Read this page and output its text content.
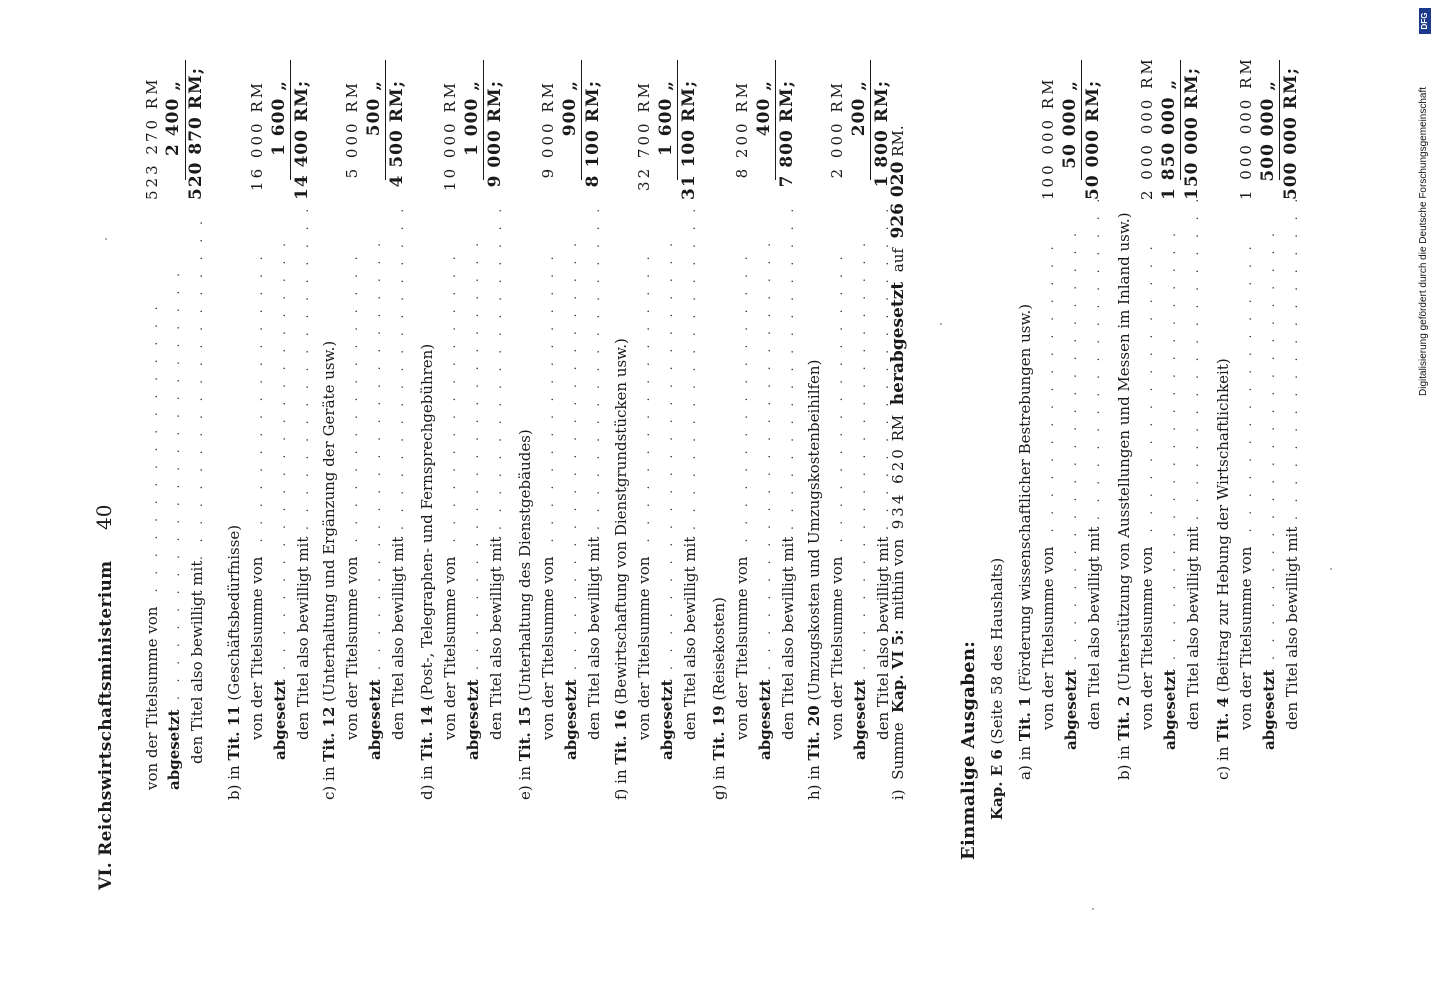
VI. Reichswirtschaftsministerium
40
von der Titelsumme von
. . . . . . . . . . . . . . . . . .
523 270 RM
abgesetzt
. . . . . . . . . . . . . . . . . . . . . . . . .
2 400 „
den Titel also bewilligt mit
. . . . . . . . . . . . . . . . . . . .
520 870 RM;
b) in Tit. 11 (Geschäftsbedürfnisse) von der Titelsumme von
. . . . . . . . . . . . . . . . . .
16 000 RM
abgesetzt
. . . . . . . . . . . . . . . . . . . . . . . . .
1 600 „
den Titel also bewilligt mit
. . . . . . . . . . . . . . . . . . .
14 400 RM;
c) in Tit. 12 (Unterhaltung und Ergänzung der Geräte usw.) von der Titelsumme von
. . . . . . . . . . . . . . . . . .
5 000 RM
abgesetzt
. . . . . . . . . . . . . . . . . . . . . . . . .
500 „
den Titel also bewilligt mit
. . . . . . . . . . . . . . . . . . .
4 500 RM;
d) in Tit. 14 (Post-, Telegraphen- und Fernsprechgebühren) von der Titelsumme von
. . . . . . . . . . . . . . . . . .
10 000 RM
abgesetzt
. . . . . . . . . . . . . . . . . . . . . . . . .
1 000 „
den Titel also bewilligt mit
. . . . . . . . . . . . . . . . . . .
9 000 RM;
e) in Tit. 15 (Unterhaltung des Dienstgebäudes) von der Titelsumme von
. . . . . . . . . . . . . . . . . .
9 000 RM
abgesetzt
. . . . . . . . . . . . . . . . . . . . . . . . .
900 „
den Titel also bewilligt mit
. . . . . . . . . . . . . . . . . . .
8 100 RM;
f) in Tit. 16 (Bewirtschaftung von Dienstgrundstücken usw.) von der Titelsumme von
. . . . . . . . . . . . . . . . . .
32 700 RM
abgesetzt
. . . . . . . . . . . . . . . . . . . . . . . . .
1 600 „
den Titel also bewilligt mit
. . . . . . . . . . . . . . . . . . .
31 100 RM;
g) in Tit. 19 (Reisekosten) von der Titelsumme von
. . . . . . . . . . . . . . . . . .
8 200 RM
abgesetzt
. . . . . . . . . . . . . . . . . . . . . . . . .
400 „
den Titel also bewilligt mit
. . . . . . . . . . . . . . . . . . .
7 800 RM;
h) in Tit. 20 (Umzugskosten und Umzugskostenbeihilfen) von der Titelsumme von
. . . . . . . . . . . . . . . . . .
2 000 RM
abgesetzt
. . . . . . . . . . . . . . . . . . . . . . . . .
200 „
den Titel also bewilligt mit
. . . . . . . . . . . . . . . . . . .
1 800 RM;
i)  Summe  Kap. VI 5:  mithin von  934 620 RM  herabgesetzt  auf  926 020 RM.
Einmalige Ausgaben: Kap. E 6 (Seite 58 des Haushalts)
a) in Tit. 1 (Förderung wissenschaftlicher Bestrebungen usw.) von der Titelsumme von
. . . . . . . . . . . . . . . . . .
100 000 RM
abgesetzt
. . . . . . . . . . . . . . . . . . . . . . . . .
50 000 „
den Titel also bewilligt mit
. . . . . . . . . . . . . . . . . . .
50 000 RM;
b) in Tit. 2 (Unterstützung von Ausstellungen und Messen im Inland usw.) von der Titelsumme von
. . . . . . . . . . . . . . . . . .
2 000 000 RM
abgesetzt
. . . . . . . . . . . . . . . . . . . . . . . . .
1 850 000 „
den Titel also bewilligt mit
. . . . . . . . . . . . . . . . . . .
150 000 RM;
c) in Tit. 4 (Beitrag zur Hebung der Wirtschaftlichkeit) von der Titelsumme von
. . . . . . . . . . . . . . . . . .
1 000 000 RM
abgesetzt
. . . . . . . . . . . . . . . . . . . . . . . . .
500 000 „
den Titel also bewilligt mit
. . . . . . . . . . . . . . . . . . .
500 000 RM;
DFG
Digitalisierung gefördert durch die Deutsche Forschungsgemeinschaft
